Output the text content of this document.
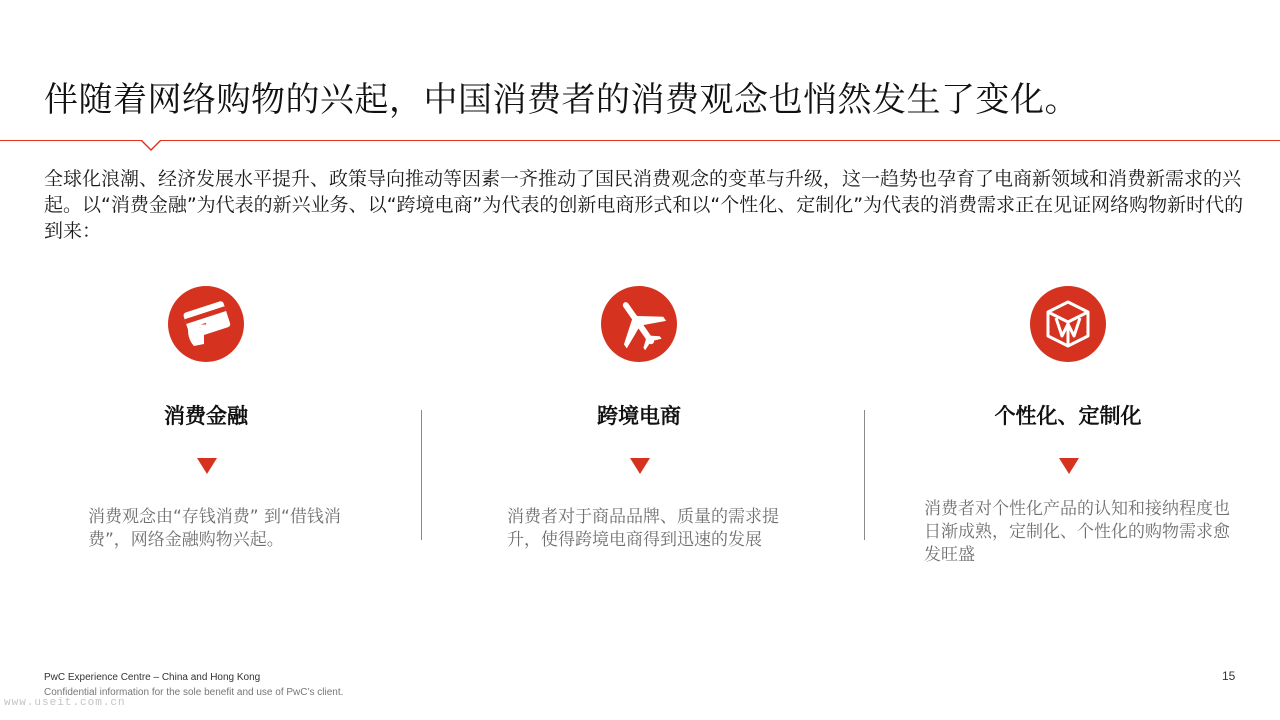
伴随着网络购物的兴起，中国消费者的消费观念也悄然发生了变化。
全球化浪潮、经济发展水平提升、政策导向推动等因素一齐推动了国民消费观念的变革与升级，这一趋势也孕育了电商新领域和消费新需求的兴起。以“消费金融”为代表的新兴业务、以“跨境电商”为代表的创新电商形式和以“个性化、定制化”为代表的消费需求正在见证网络购物新时代的到来：
消费金融
消费观念由“存钱消费” 到“借钱消费”，网络金融购物兴起。
跨境电商
消费者对于商品品牌、质量的需求提升，使得跨境电商得到迅速的发展
个性化、定制化
消费者对个性化产品的认知和接纳程度也日渐成熟，定制化、个性化的购物需求愈发旺盛
PwC Experience Centre – China and Hong Kong
Confidential information for the sole benefit and use of PwC’s client.
15
www.useit.com.cn
